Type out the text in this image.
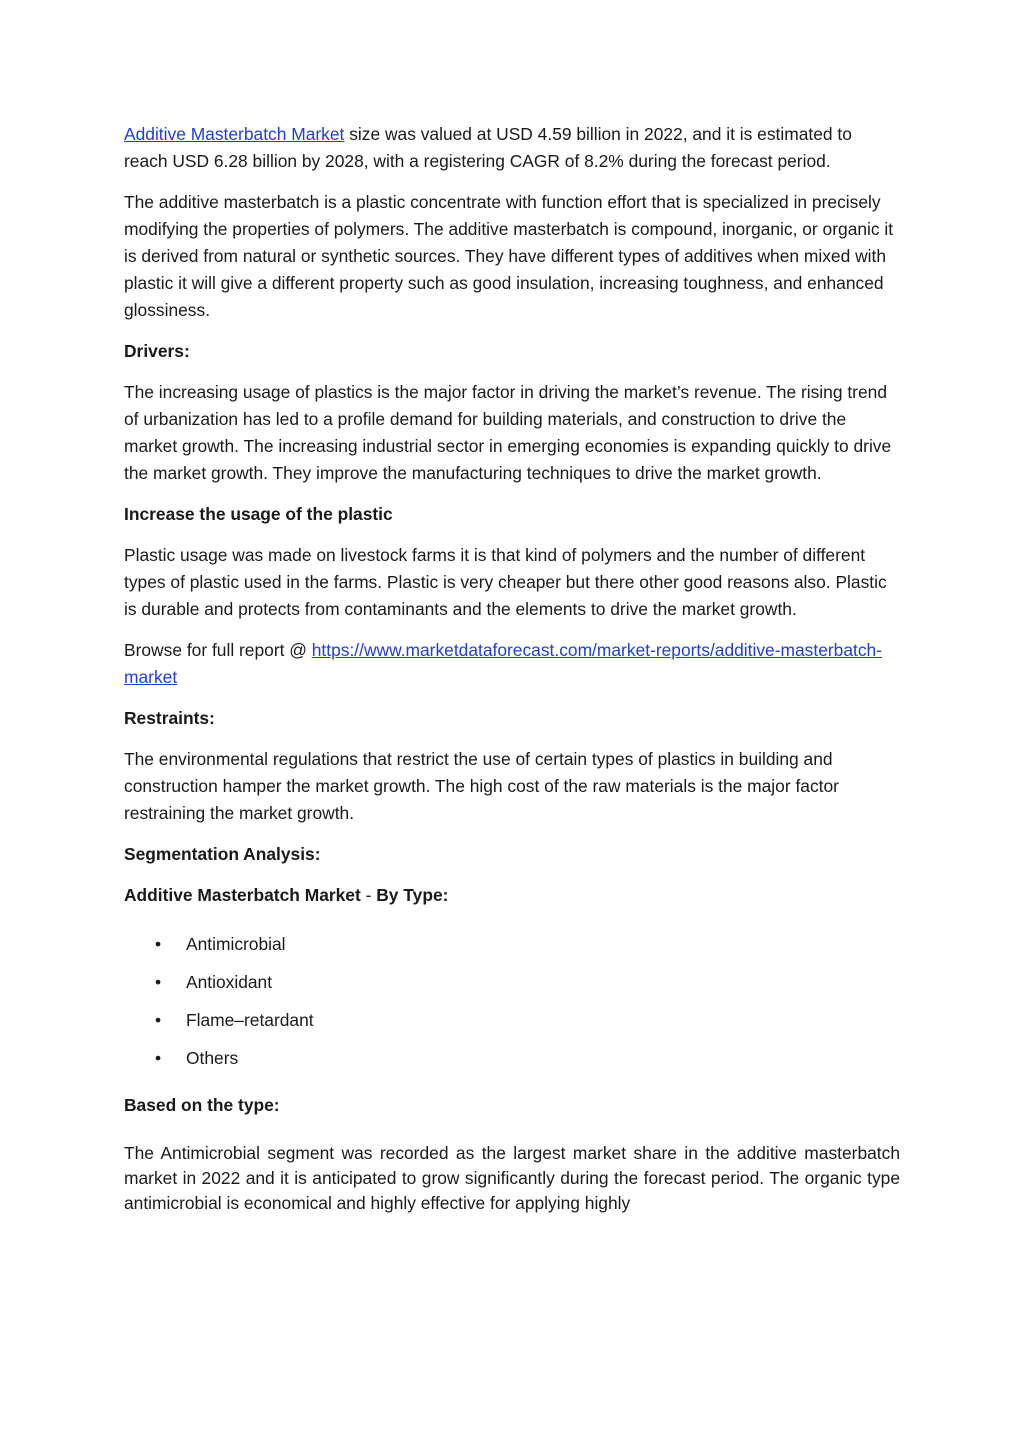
Additive Masterbatch Market size was valued at USD 4.59 billion in 2022, and it is estimated to reach USD 6.28 billion by 2028, with a registering CAGR of 8.2% during the forecast period.

The additive masterbatch is a plastic concentrate with function effort that is specialized in precisely modifying the properties of polymers. The additive masterbatch is compound, inorganic, or organic it is derived from natural or synthetic sources. They have different types of additives when mixed with plastic it will give a different property such as good insulation, increasing toughness, and enhanced glossiness.

Drivers:

The increasing usage of plastics is the major factor in driving the market’s revenue. The rising trend of urbanization has led to a profile demand for building materials, and construction to drive the market growth. The increasing industrial sector in emerging economies is expanding quickly to drive the market growth. They improve the manufacturing techniques to drive the market growth.

Increase the usage of the plastic

Plastic usage was made on livestock farms it is that kind of polymers and the number of different types of plastic used in the farms. Plastic is very cheaper but there other good reasons also. Plastic is durable and protects from contaminants and the elements to drive the market growth.

Browse for full report @ https://www.marketdataforecast.com/market-reports/additive-masterbatch-market

Restraints:

The environmental regulations that restrict the use of certain types of plastics in building and construction hamper the market growth. The high cost of the raw materials is the major factor restraining the market growth.

Segmentation Analysis:

Additive Masterbatch Market - By Type:

• Antimicrobial
• Antioxidant
• Flame–retardant
• Others

Based on the type:

The Antimicrobial segment was recorded as the largest market share in the additive masterbatch market in 2022 and it is anticipated to grow significantly during the forecast period. The organic type antimicrobial is economical and highly effective for applying highly
